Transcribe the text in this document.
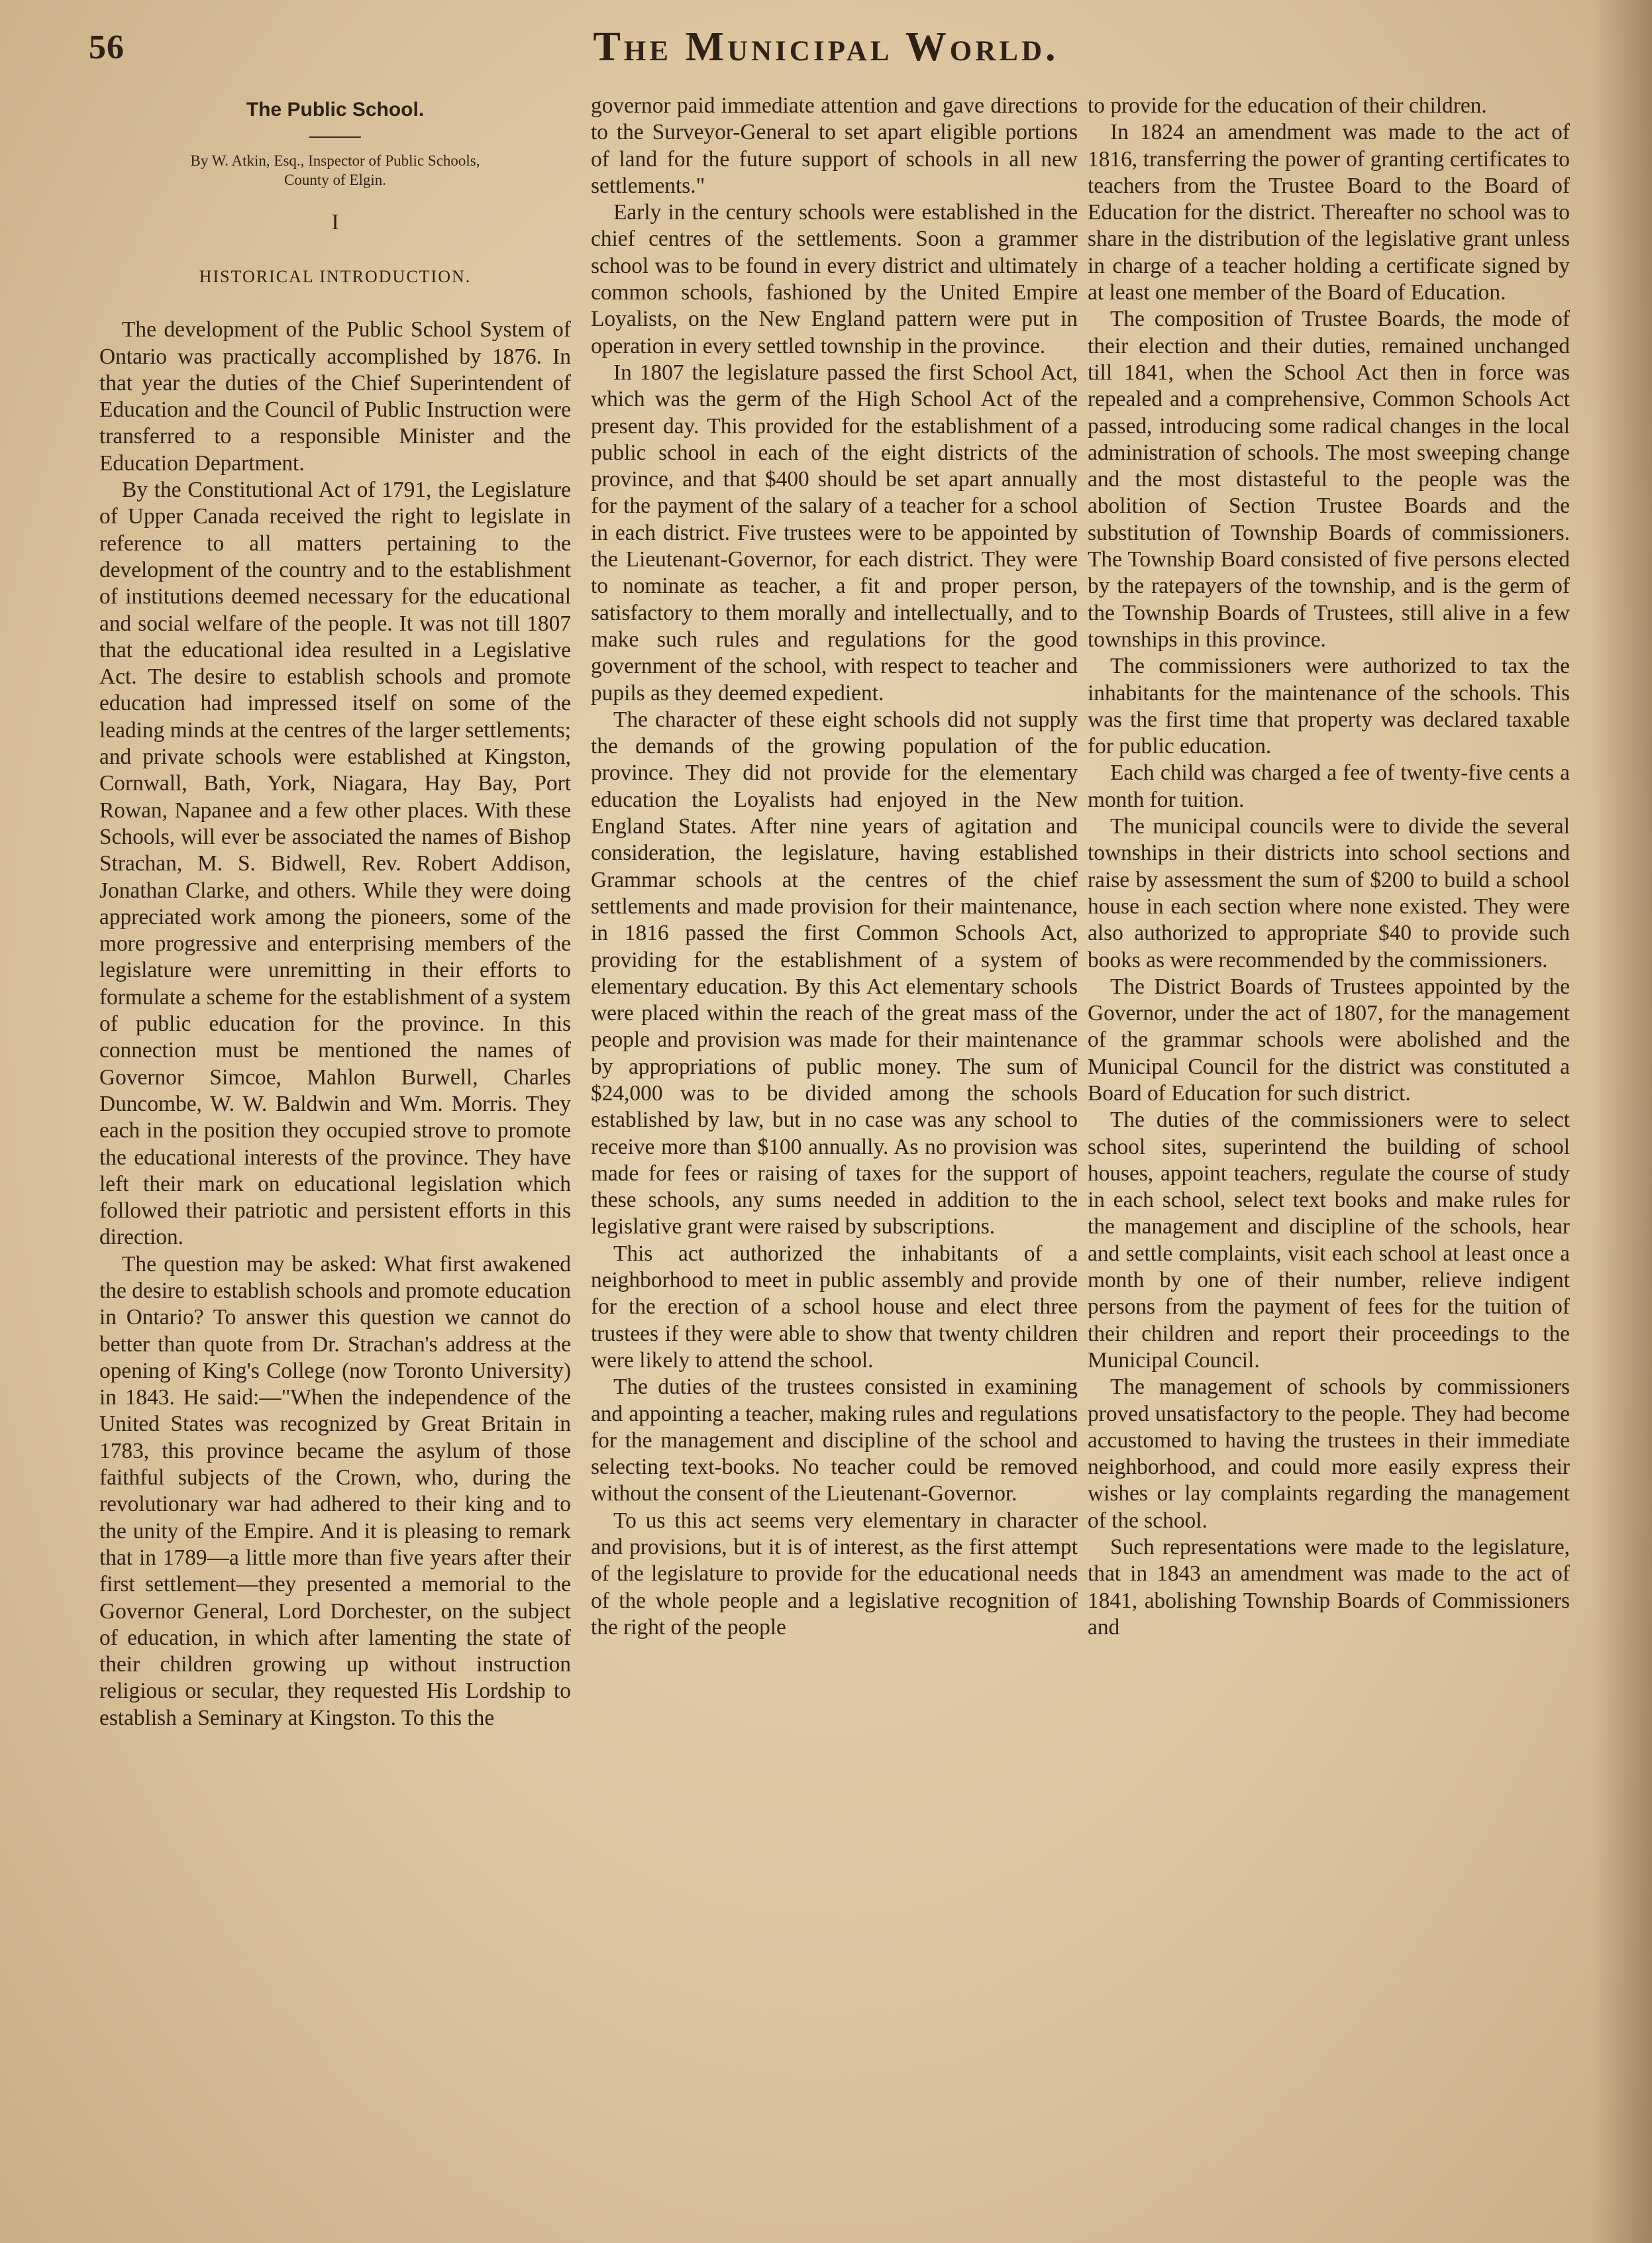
56	The Municipal World.
The Public School.
By W. Atkin, Esq., Inspector of Public Schools,
County of Elgin.
I
HISTORICAL INTRODUCTION.

The development of the Public School System of Ontario was practically accomplished by 1876. In that year the duties of the Chief Superintendent of Education and the Council of Public Instruction were transferred to a responsible Minister and the Education Department.

By the Constitutional Act of 1791, the Legislature of Upper Canada received the right to legislate in reference to all matters pertaining to the development of the country and to the establishment of institutions deemed necessary for the educational and social welfare of the people. It was not till 1807 that the educational idea resulted in a Legislative Act. The desire to establish schools and promote education had impressed itself on some of the leading minds at the centres of the larger settlements; and private schools were established at Kingston, Cornwall, Bath, York, Niagara, Hay Bay, Port Rowan, Napanee and a few other places. With these Schools, will ever be associated the names of Bishop Strachan, M. S. Bidwell, Rev. Robert Addison, Jonathan Clarke, and others. While they were doing appreciated work among the pioneers, some of the more progressive and enterprising members of the legislature were unremitting in their efforts to formulate a scheme for the establishment of a system of public education for the province. In this connection must be mentioned the names of Governor Simcoe, Mahlon Burwell, Charles Duncombe, W. W. Baldwin and Wm. Morris. They each in the position they occupied strove to promote the educational interests of the province. They have left their mark on educational legislation which followed their patriotic and persistent efforts in this direction.

The question may be asked: What first awakened the desire to establish schools and promote education in Ontario? To answer this question we cannot do better than quote from Dr. Strachan's address at the opening of King's College (now Toronto University) in 1843. He said:—"When the independence of the United States was recognized by Great Britain in 1783, this province became the asylum of those faithful subjects of the Crown, who, during the revolutionary war had adhered to their king and to the unity of the Empire. And it is pleasing to remark that in 1789—a little more than five years after their first settlement—they presented a memorial to the Governor General, Lord Dorchester, on the subject of education, in which after lamenting the state of their children growing up without instruction religious or secular, they requested His Lordship to establish a Seminary at Kingston. To this the

governor paid immediate attention and gave directions to the Surveyor-General to set apart eligible portions of land for the future support of schools in all new settlements."

Early in the century schools were established in the chief centres of the settlements. Soon a grammer school was to be found in every district and ultimately common schools, fashioned by the United Empire Loyalists, on the New England pattern were put in operation in every settled township in the province.

In 1807 the legislature passed the first School Act, which was the germ of the High School Act of the present day. This provided for the establishment of a public school in each of the eight districts of the province, and that $400 should be set apart annually for the payment of the salary of a teacher for a school in each district. Five trustees were to be appointed by the Lieutenant-Governor, for each district. They were to nominate as teacher, a fit and proper person, satisfactory to them morally and intellectually, and to make such rules and regulations for the good government of the school, with respect to teacher and pupils as they deemed expedient.

The character of these eight schools did not supply the demands of the growing population of the province. They did not provide for the elementary education the Loyalists had enjoyed in the New England States. After nine years of agitation and consideration, the legislature, having established Grammar schools at the centres of the chief settlements and made provision for their maintenance, in 1816 passed the first Common Schools Act, providing for the establishment of a system of elementary education. By this Act elementary schools were placed within the reach of the great mass of the people and provision was made for their maintenance by appropriations of public money. The sum of $24,000 was to be divided among the schools established by law, but in no case was any school to receive more than $100 annually. As no provision was made for fees or raising of taxes for the support of these schools, any sums needed in addition to the legislative grant were raised by subscriptions.

This act authorized the inhabitants of a neighborhood to meet in public assembly and provide for the erection of a school house and elect three trustees if they were able to show that twenty children were likely to attend the school.

The duties of the trustees consisted in examining and appointing a teacher, making rules and regulations for the management and discipline of the school and selecting text-books. No teacher could be removed without the consent of the Lieutenant-Governor.

To us this act seems very elementary in character and provisions, but it is of interest, as the first attempt of the legislature to provide for the educational needs of the whole people and a legislative recognition of the right of the people

to provide for the education of their children.

In 1824 an amendment was made to the act of 1816, transferring the power of granting certificates to teachers from the Trustee Board to the Board of Education for the district. Thereafter no school was to share in the distribution of the legislative grant unless in charge of a teacher holding a certificate signed by at least one member of the Board of Education.

The composition of Trustee Boards, the mode of their election and their duties, remained unchanged till 1841, when the School Act then in force was repealed and a comprehensive, Common Schools Act passed, introducing some radical changes in the local administration of schools. The most sweeping change and the most distasteful to the people was the abolition of Section Trustee Boards and the substitution of Township Boards of commissioners. The Township Board consisted of five persons elected by the ratepayers of the township, and is the germ of the Township Boards of Trustees, still alive in a few townships in this province.

The commissioners were authorized to tax the inhabitants for the maintenance of the schools. This was the first time that property was declared taxable for public education.

Each child was charged a fee of twenty-five cents a month for tuition.

The municipal councils were to divide the several townships in their districts into school sections and raise by assessment the sum of $200 to build a school house in each section where none existed. They were also authorized to appropriate $40 to provide such books as were recommended by the commissioners.

The District Boards of Trustees appointed by the Governor, under the act of 1807, for the management of the grammar schools were abolished and the Municipal Council for the district was constituted a Board of Education for such district.

The duties of the commissioners were to select school sites, superintend the building of school houses, appoint teachers, regulate the course of study in each school, select text books and make rules for the management and discipline of the schools, hear and settle complaints, visit each school at least once a month by one of their number, relieve indigent persons from the payment of fees for the tuition of their children and report their proceedings to the Municipal Council.

The management of schools by commissioners proved unsatisfactory to the people. They had become accustomed to having the trustees in their immediate neighborhood, and could more easily express their wishes or lay complaints regarding the management of the school.

Such representations were made to the legislature, that in 1843 an amendment was made to the act of 1841, abolishing Township Boards of Commissioners and
